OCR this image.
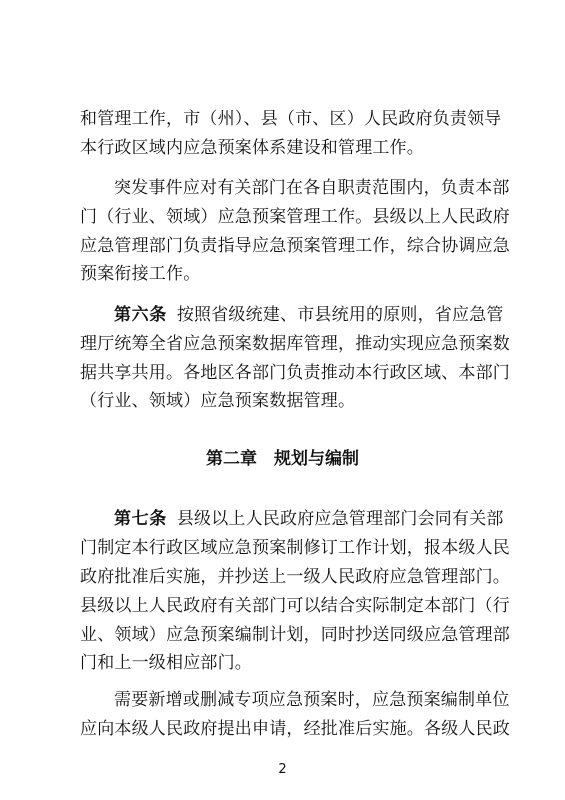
和管理工作，市（州）、县（市、区）人民政府负责领导
本行政区域内应急预案体系建设和管理工作。
突发事件应对有关部门在各自职责范围内，负责本部
门（行业、领域）应急预案管理工作。县级以上人民政府
应急管理部门负责指导应急预案管理工作，综合协调应急
预案衔接工作。
第六条 按照省级统建、市县统用的原则，省应急管
理厅统筹全省应急预案数据库管理，推动实现应急预案数
据共享共用。各地区各部门负责推动本行政区域、本部门
（行业、领域）应急预案数据管理。
第二章　规划与编制
第七条 县级以上人民政府应急管理部门会同有关部
门制定本行政区域应急预案制修订工作计划，报本级人民
政府批准后实施，并抄送上一级人民政府应急管理部门。
县级以上人民政府有关部门可以结合实际制定本部门（行
业、领域）应急预案编制计划，同时抄送同级应急管理部
门和上一级相应部门。
需要新增或删减专项应急预案时，应急预案编制单位
应向本级人民政府提出申请，经批准后实施。各级人民政
2
